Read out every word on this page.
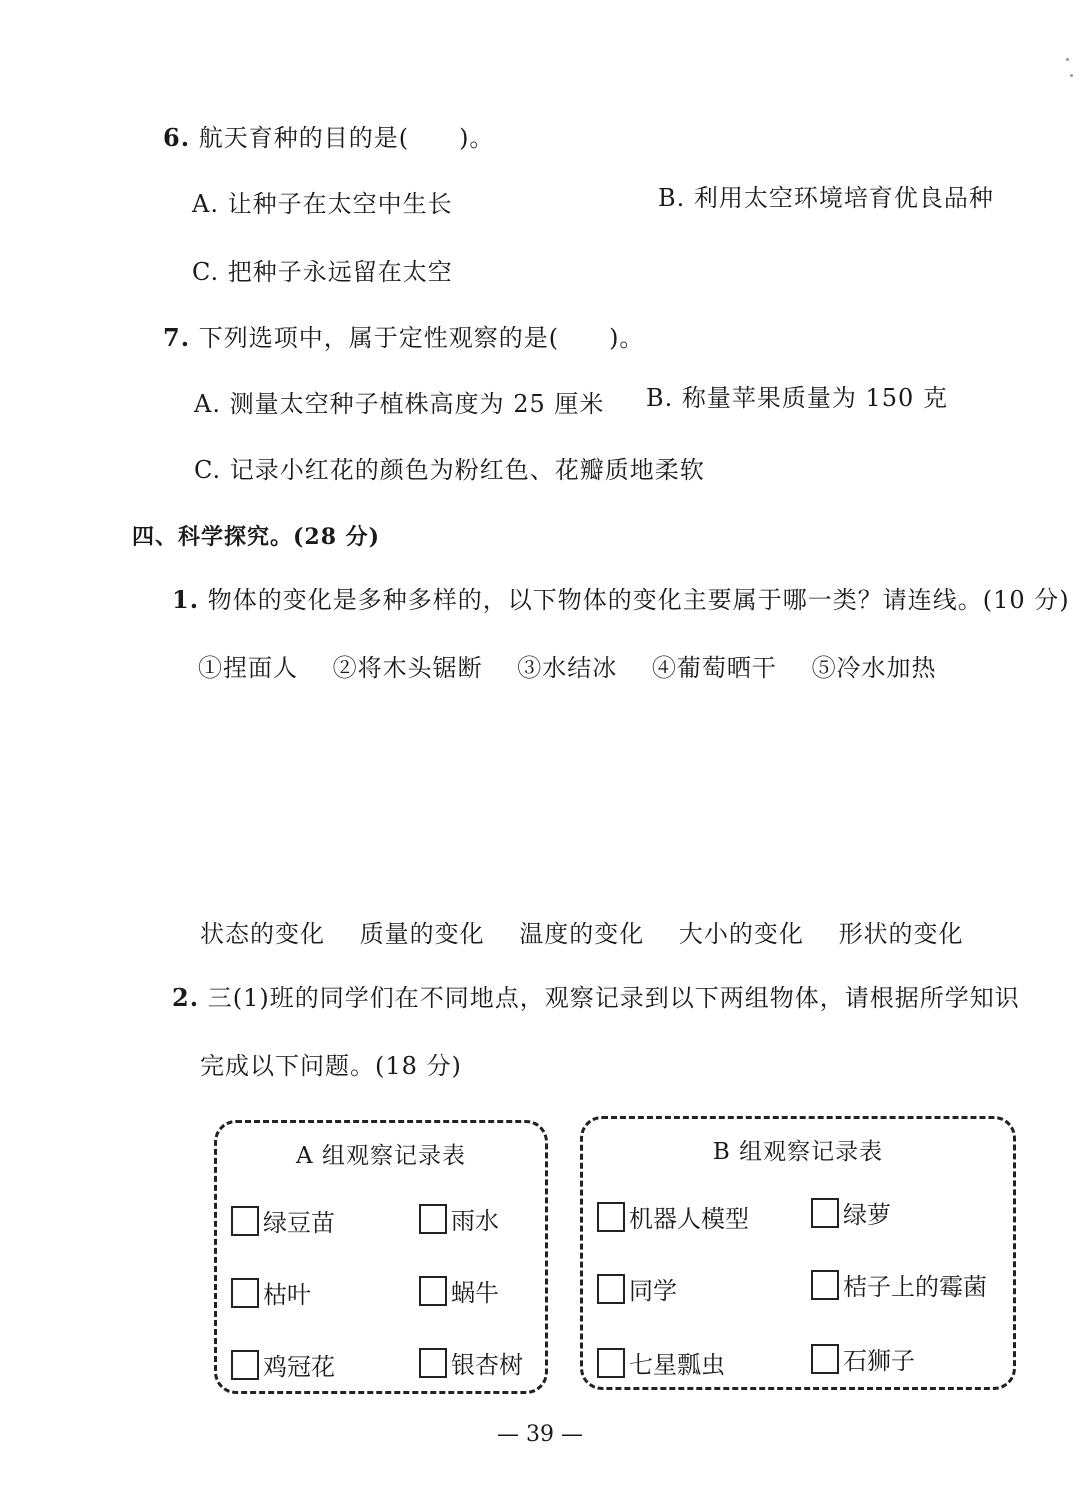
6. 航天育种的目的是(　　)。
A. 让种子在太空中生长	B. 利用太空环境培育优良品种
C. 把种子永远留在太空
7. 下列选项中，属于定性观察的是(　　)。
A. 测量太空种子植株高度为 25 厘米 B. 称量苹果质量为 150 克
C. 记录小红花的颜色为粉红色、花瓣质地柔软
四、科学探究。(28 分)
1. 物体的变化是多种多样的，以下物体的变化主要属于哪一类？请连线。(10 分)
①捏面人 ②将木头锯断 ③水结冰 ④葡萄晒干 ⑤冷水加热
状态的变化 质量的变化 温度的变化 大小的变化 形状的变化
2. 三(1)班的同学们在不同地点，观察记录到以下两组物体，请根据所学知识
完成以下问题。(18 分)
A 组观察记录表
绿豆苗	雨水
枯叶	蜗牛
鸡冠花	银杏树
B 组观察记录表
机器人模型	绿萝
同学	桔子上的霉菌
七星瓢虫	石狮子
— 39 —
